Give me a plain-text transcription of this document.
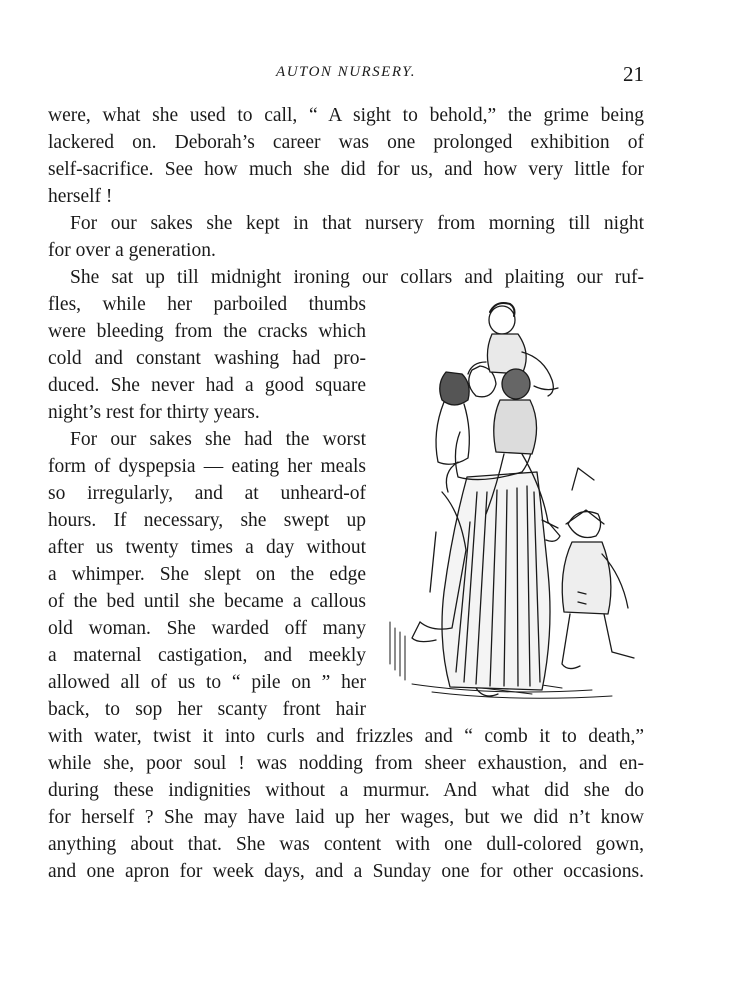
AUTON NURSERY.	21
were, what she used to call, “ A sight to behold,” the grime being
lackered on. Deborah’s career was one prolonged exhibition of
self-sacrifice. See how much she did for us, and how very little for
herself !
For our sakes she kept in that nursery from morning till night
for over a generation.
She sat up till midnight ironing our collars and plaiting our ruf-
fles, while her parboiled thumbs
were bleeding from the cracks which
cold and constant washing had pro-
duced. She never had a good square
night’s rest for thirty years.
For our sakes she had the worst
form of dyspepsia — eating her meals
so irregularly, and at unheard-of
hours. If necessary, she swept up
after us twenty times a day without
a whimper. She slept on the edge
of the bed until she became a callous
old woman. She warded off many
a maternal castigation, and meekly
allowed all of us to “ pile on ” her
back, to sop her scanty front hair
with water, twist it into curls and frizzles and “ comb it to death,”
while she, poor soul ! was nodding from sheer exhaustion, and en-
during these indignities without a murmur. And what did she do
for herself ? She may have laid up her wages, but we did n’t know
anything about that. She was content with one dull-colored gown,
and one apron for week days, and a Sunday one for other occasions.
